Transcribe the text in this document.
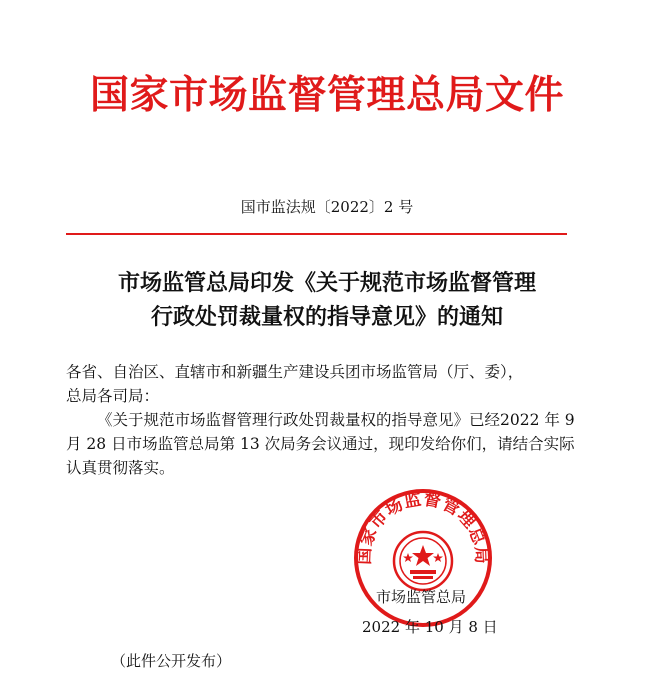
国家市场监督管理总局文件
国市监法规〔2022〕2 号
市场监管总局印发《关于规范市场监督管理
行政处罚裁量权的指导意见》的通知

各省、自治区、直辖市和新疆生产建设兵团市场监管局（厅、委），

总局各司局：

《关于规范市场监督管理行政处罚裁量权的指导意见》已经2022 年 9 月 28 日市场监管总局第 13 次局务会议通过，现印发给你们，请结合实际认真贯彻落实。

国家市场监督管理总局
市场监管总局
2022 年 10 月 8 日
（此件公开发布）
